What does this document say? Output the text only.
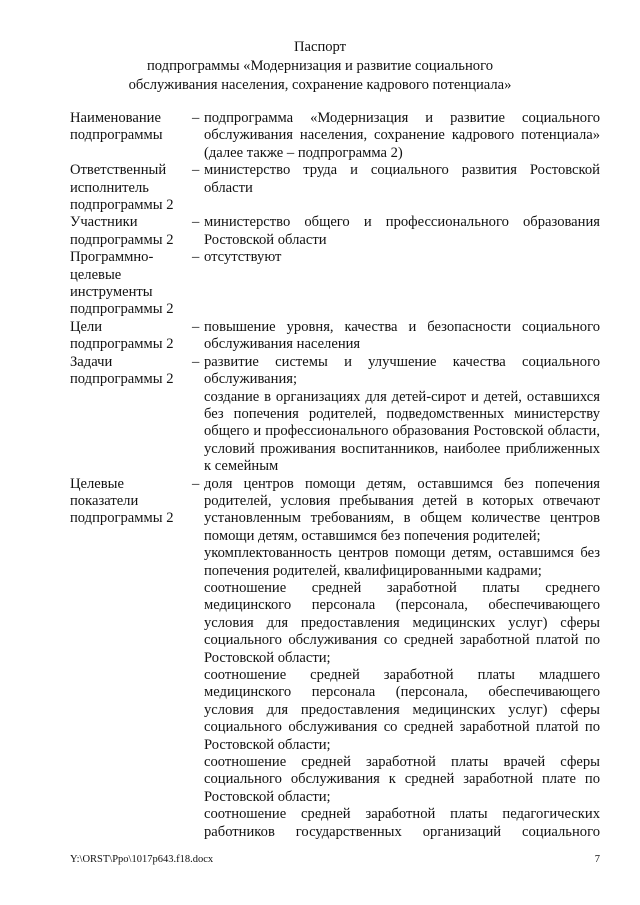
Паспорт
подпрограммы «Модернизация и развитие социального
обслуживания населения, сохранение кадрового потенциала»

Наименование

подпрограммы

– подпрограмма «Модернизация и развитие социального обслуживания населения, сохранение кадрового потенциала» (далее также – подпрограмма 2)

Ответственный

исполнитель

подпрограммы 2

– министерство труда и социального развития Ростовской области

Участники

подпрограммы 2

– министерство общего и профессионального образования Ростовской области

Программно-

целевые

инструменты

подпрограммы 2

– отсутствуют

Цели

подпрограммы 2

– повышение уровня, качества и безопасности социального обслуживания населения

Задачи

подпрограммы 2

– развитие системы и улучшение качества социального обслуживания;

создание в организациях для детей-сирот и детей, оставшихся без попечения родителей, подведомственных министерству общего и профессионального образования Ростовской области, условий проживания воспитанников, наиболее приближенных к семейным

Целевые

показатели

подпрограммы 2

– доля центров помощи детям, оставшимся без попечения родителей, условия пребывания детей в которых отвечают установленным требованиям, в общем количестве центров помощи детям, оставшимся без попечения родителей;

укомплектованность центров помощи детям, оставшимся без попечения родителей, квалифицированными кадрами;

соотношение средней заработной платы среднего медицинского персонала (персонала, обеспечивающего условия для предоставления медицинских услуг) сферы социального обслуживания со средней заработной платой по Ростовской области;

соотношение средней заработной платы младшего медицинского персонала (персонала, обеспечивающего условия для предоставления медицинских услуг) сферы социального обслуживания со средней заработной платой по Ростовской области;

соотношение средней заработной платы врачей сферы социального обслуживания к средней заработной плате по Ростовской области;

соотношение средней заработной платы педагогических работников государственных организаций социального

Y:\ORST\Ppo\1017p643.f18.docx	7
